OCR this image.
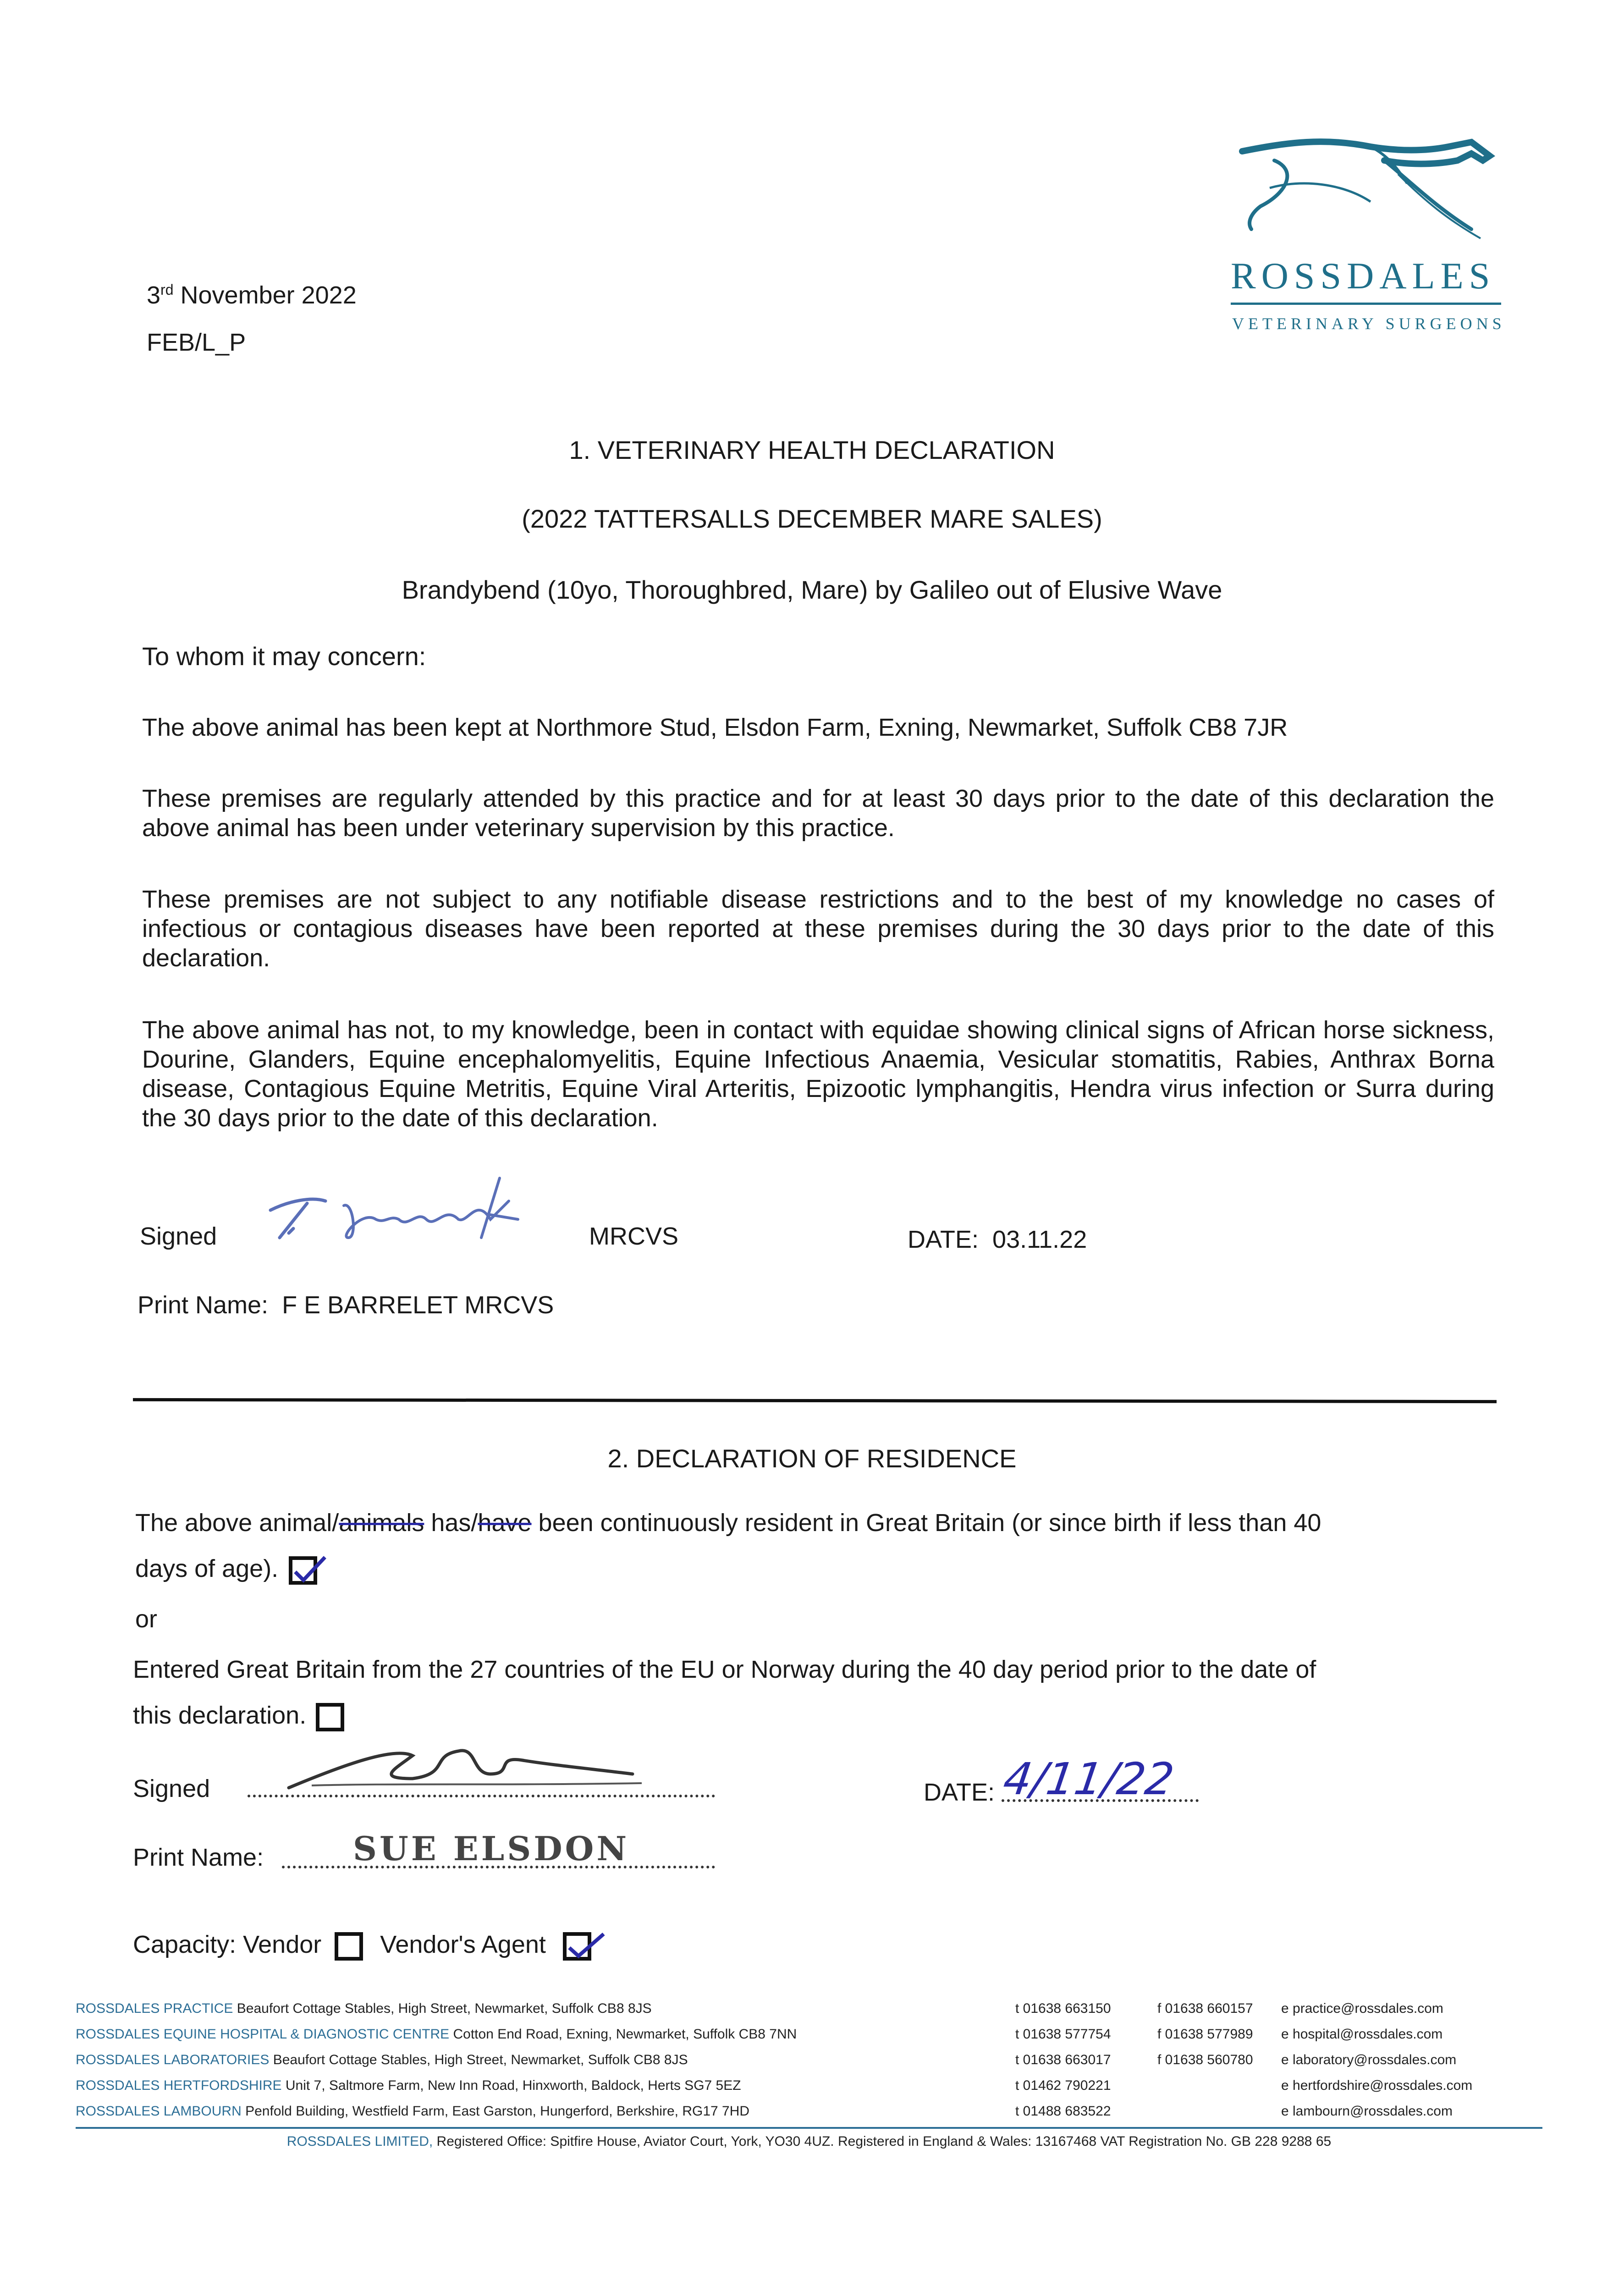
ROSSDALES
VETERINARY SURGEONS
3rd November 2022
FEB/L_P
1. VETERINARY HEALTH DECLARATION
(2022 TATTERSALLS DECEMBER MARE SALES)
Brandybend (10yo, Thoroughbred, Mare) by Galileo out of Elusive Wave
To whom it may concern:
The above animal has been kept at Northmore Stud, Elsdon Farm, Exning, Newmarket, Suffolk CB8 7JR
These premises are regularly attended by this practice and for at least 30 days prior to the date of this declaration the above animal has been under veterinary supervision by this practice.
These premises are not subject to any notifiable disease restrictions and to the best of my knowledge no cases of infectious or contagious diseases have been reported at these premises during the 30 days prior to the date of this declaration.
The above animal has not, to my knowledge, been in contact with equidae showing clinical signs of African horse sickness, Dourine, Glanders, Equine encephalomyelitis, Equine Infectious Anaemia, Vesicular stomatitis, Rabies, Anthrax Borna disease, Contagious Equine Metritis, Equine Viral Arteritis, Epizootic lymphangitis, Hendra virus infection or Surra during the 30 days prior to the date of this declaration.
Signed	MRCVS	DATE: 03.11.22
Print Name: F E BARRELET MRCVS
2. DECLARATION OF RESIDENCE
The above animal/animals has/have been continuously resident in Great Britain (or since birth if less than 40
days of age).
or
Entered Great Britain from the 27 countries of the EU or Norway during the 40 day period prior to the date of
this declaration.
Signed	DATE: 4/11/22
Print Name:	SUE ELSDON
Capacity: Vendor Vendor's Agent
ROSSDALES PRACTICE Beaufort Cottage Stables, High Street, Newmarket, Suffolk CB8 8JS	t 01638 663150	f 01638 660157 e practice@rossdales.com
ROSSDALES EQUINE HOSPITAL & DIAGNOSTIC CENTRE Cotton End Road, Exning, Newmarket, Suffolk CB8 7NN	t 01638 577754	f 01638 577989 e hospital@rossdales.com
ROSSDALES LABORATORIES Beaufort Cottage Stables, High Street, Newmarket, Suffolk CB8 8JS	t 01638 663017	f 01638 560780 e laboratory@rossdales.com
ROSSDALES HERTFORDSHIRE Unit 7, Saltmore Farm, New Inn Road, Hinxworth, Baldock, Herts SG7 5EZ	t 01462 790221	e hertfordshire@rossdales.com
ROSSDALES LAMBOURN Penfold Building, Westfield Farm, East Garston, Hungerford, Berkshire, RG17 7HD	t 01488 683522	e lambourn@rossdales.com
ROSSDALES LIMITED, Registered Office: Spitfire House, Aviator Court, York, YO30 4UZ. Registered in England & Wales: 13167468 VAT Registration No. GB 228 9288 65
